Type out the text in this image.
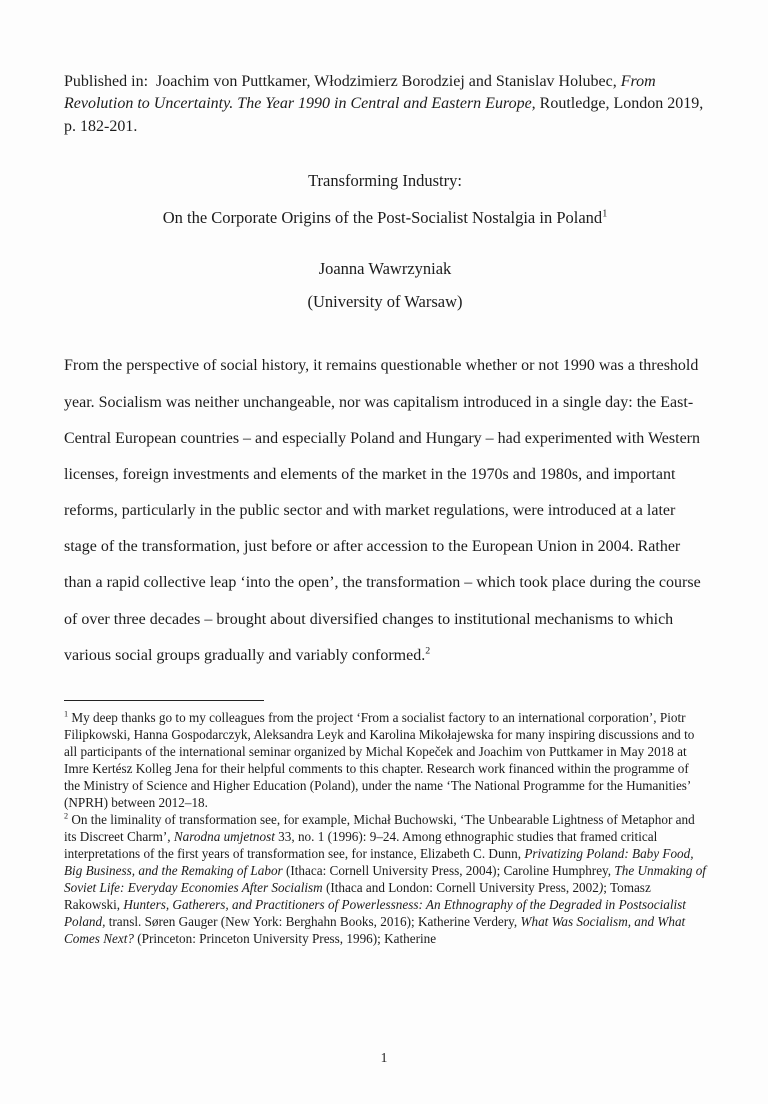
Published in:  Joachim von Puttkamer, Włodzimierz Borodziej and Stanislav Holubec, From Revolution to Uncertainty. The Year 1990 in Central and Eastern Europe, Routledge, London 2019, p. 182-201.

Transforming Industry:
On the Corporate Origins of the Post-Socialist Nostalgia in Poland$^1$
Joanna Wawrzyniak
(University of Warsaw)

From the perspective of social history, it remains questionable whether or not 1990 was a threshold year. Socialism was neither unchangeable, nor was capitalism introduced in a single day: the East-Central European countries – and especially Poland and Hungary – had experimented with Western licenses, foreign investments and elements of the market in the 1970s and 1980s, and important reforms, particularly in the public sector and with market regulations, were introduced at a later stage of the transformation, just before or after accession to the European Union in 2004. Rather than a rapid collective leap ‘into the open’, the transformation – which took place during the course of over three decades – brought about diversified changes to institutional mechanisms to which various social groups gradually and variably conformed.$^2$

$^1$ My deep thanks go to my colleagues from the project ‘From a socialist factory to an international corporation’, Piotr Filipkowski, Hanna Gospodarczyk, Aleksandra Leyk and Karolina Mikołajewska for many inspiring discussions and to all participants of the international seminar organized by Michal Kopeček and Joachim von Puttkamer in May 2018 at Imre Kertész Kolleg Jena for their helpful comments to this chapter. Research work financed within the programme of the Ministry of Science and Higher Education (Poland), under the name ‘The National Programme for the Humanities’ (NPRH) between 2012–18.

$^2$ On the liminality of transformation see, for example, Michał Buchowski, ‘The Unbearable Lightness of Metaphor and its Discreet Charm’, Narodna umjetnost 33, no. 1 (1996): 9–24. Among ethnographic studies that framed critical interpretations of the first years of transformation see, for instance, Elizabeth C. Dunn, Privatizing Poland: Baby Food, Big Business, and the Remaking of Labor (Ithaca: Cornell University Press, 2004); Caroline Humphrey, The Unmaking of Soviet Life: Everyday Economies After Socialism (Ithaca and London: Cornell University Press, 2002); Tomasz Rakowski, Hunters, Gatherers, and Practitioners of Powerlessness: An Ethnography of the Degraded in Postsocialist Poland, transl. Søren Gauger (New York: Berghahn Books, 2016); Katherine Verdery, What Was Socialism, and What Comes Next? (Princeton: Princeton University Press, 1996); Katherine

1
